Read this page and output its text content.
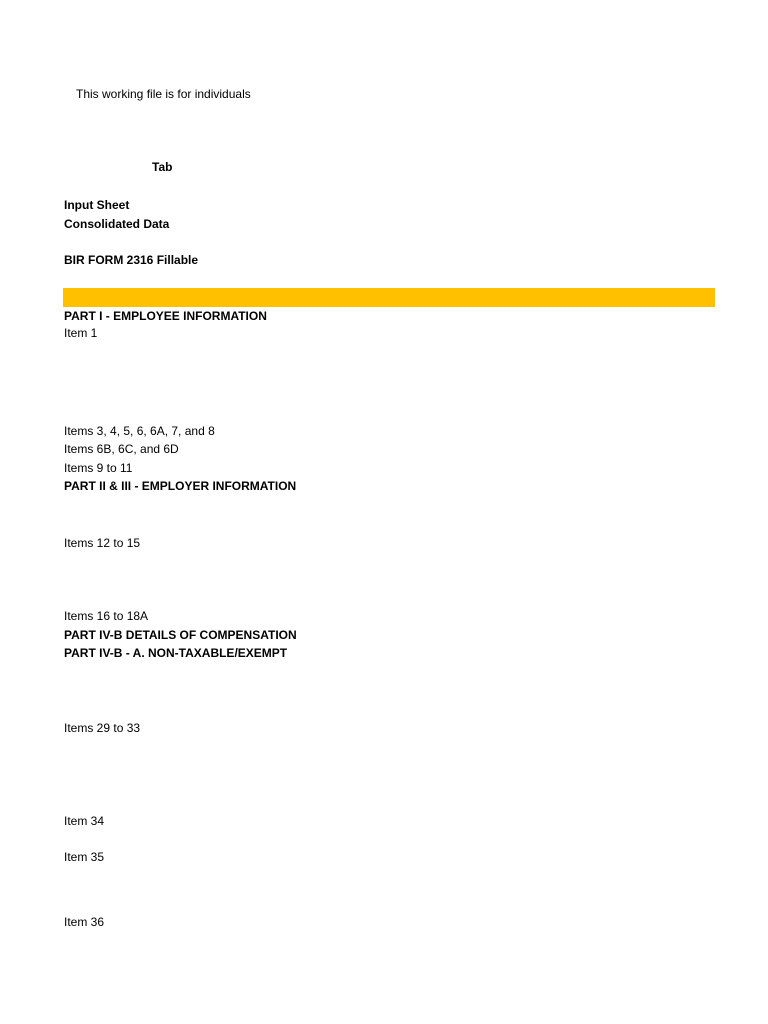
This working file is for individuals
Tab
Input Sheet
Consolidated Data
BIR FORM 2316 Fillable
PART I - EMPLOYEE INFORMATION
Item 1
Items 3, 4, 5, 6, 6A, 7, and 8
Items 6B, 6C, and 6D
Items 9 to 11
PART II & III - EMPLOYER INFORMATION
Items 12 to 15
Items 16 to 18A
PART IV-B DETAILS OF COMPENSATION
PART IV-B - A. NON-TAXABLE/EXEMPT
Items 29 to 33
Item 34
Item 35
Item 36
